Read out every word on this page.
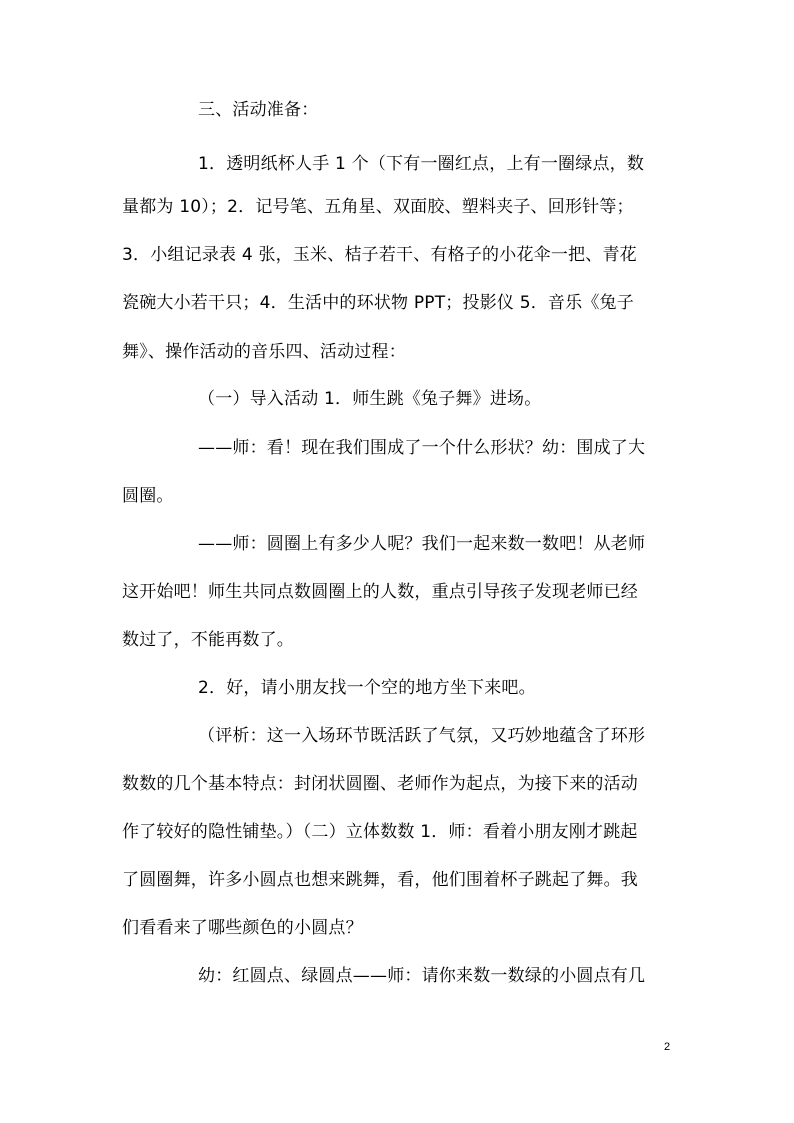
三、活动准备：
1．透明纸杯人手 1 个（下有一圈红点，上有一圈绿点，数
量都为 10）；2．记号笔、五角星、双面胶、塑料夹子、回形针等；
3．小组记录表 4 张，玉米、桔子若干、有格子的小花伞一把、青花
瓷碗大小若干只；4．生活中的环状物 PPT；投影仪 5．音乐《兔子
舞》、操作活动的音乐四、活动过程：
（一）导入活动 1．师生跳《兔子舞》进场。
——师：看！现在我们围成了一个什么形状？幼：围成了大
圆圈。
——师：圆圈上有多少人呢？我们一起来数一数吧！从老师
这开始吧！师生共同点数圆圈上的人数，重点引导孩子发现老师已经
数过了，不能再数了。
2．好，请小朋友找一个空的地方坐下来吧。
（评析：这一入场环节既活跃了气氛，又巧妙地蕴含了环形
数数的几个基本特点：封闭状圆圈、老师作为起点，为接下来的活动
作了较好的隐性铺垫。）（二）立体数数 1．师：看着小朋友刚才跳起
了圆圈舞，许多小圆点也想来跳舞，看，他们围着杯子跳起了舞。我
们看看来了哪些颜色的小圆点？
幼：红圆点、绿圆点——师：请你来数一数绿的小圆点有几
2
